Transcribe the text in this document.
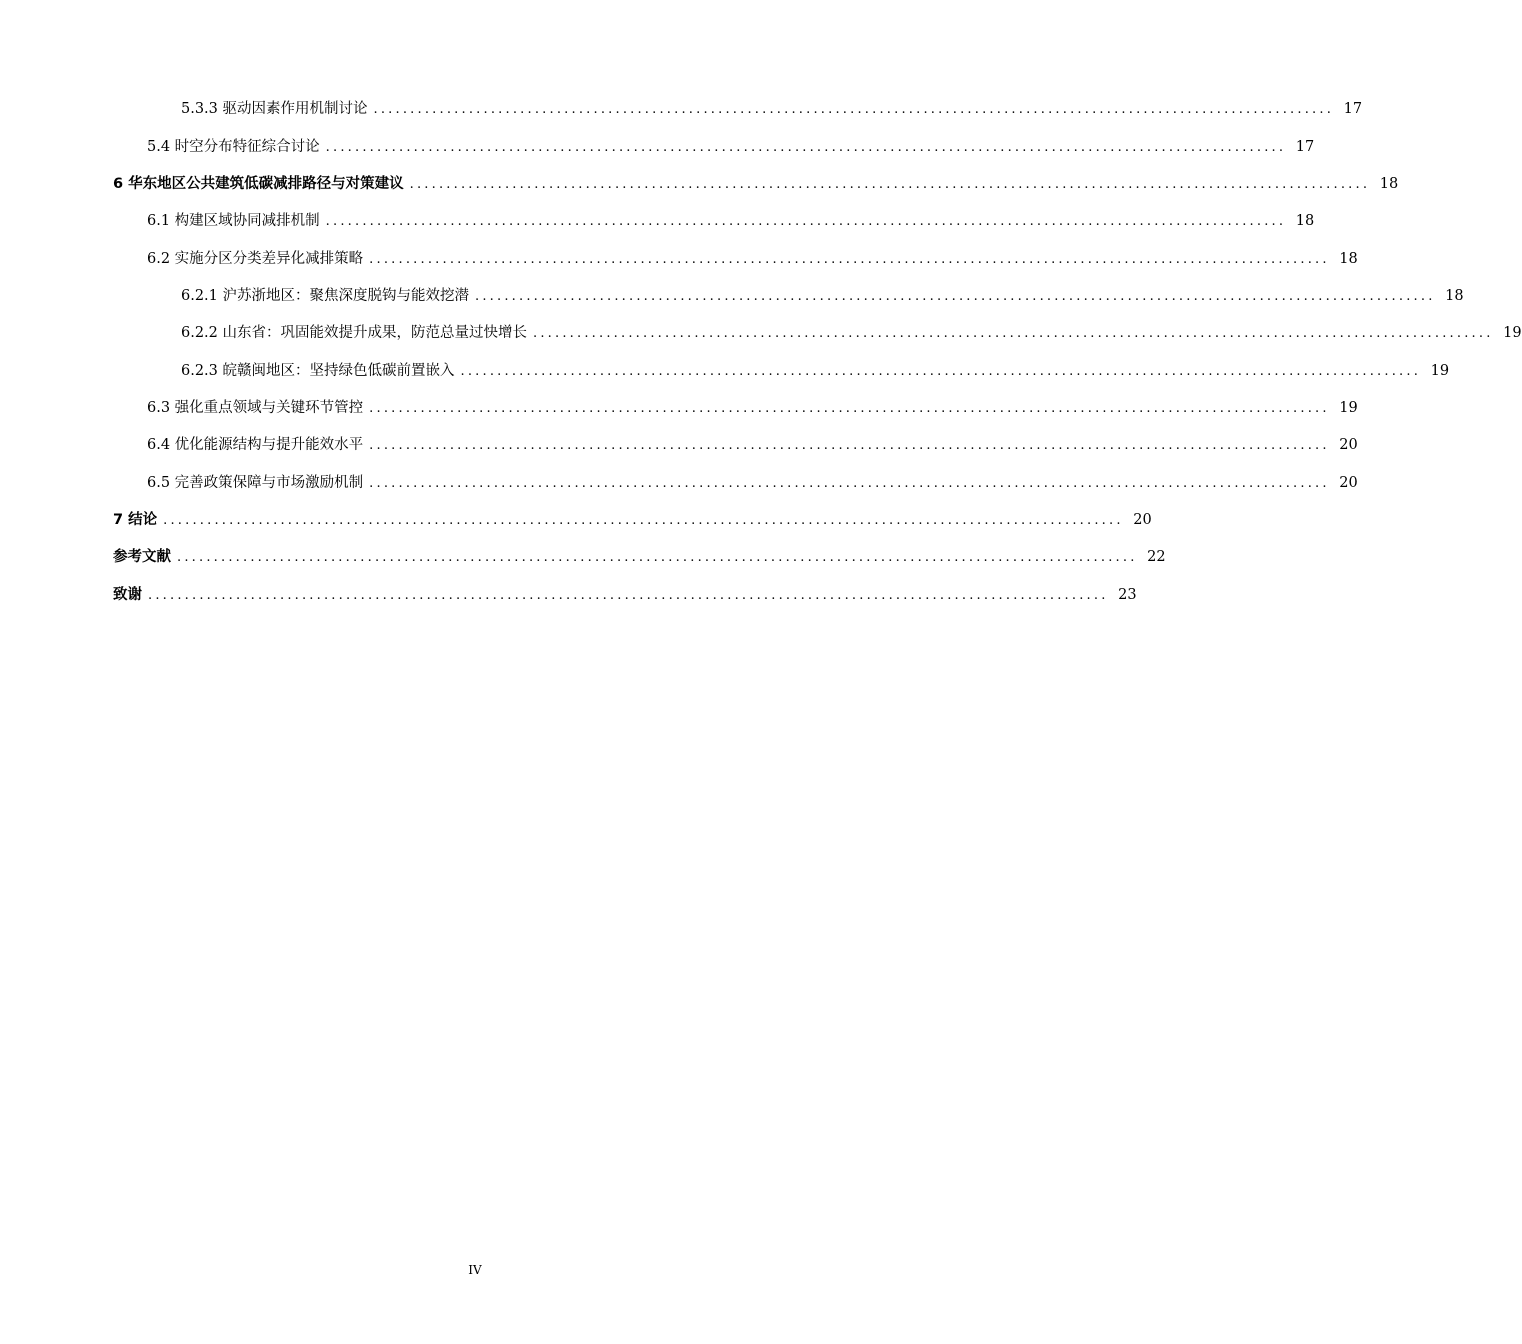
5.3.3 驱动因素作用机制讨论 ................................................................................................................................... 17
5.4 时空分布特征综合讨论 ................................................................................................................................... 17
6 华东地区公共建筑低碳减排路径与对策建议 ................................................................................................................................... 18
6.1 构建区域协同减排机制 ................................................................................................................................... 18
6.2 实施分区分类差异化减排策略 ................................................................................................................................... 18
6.2.1 沪苏浙地区：聚焦深度脱钩与能效挖潜 ................................................................................................................................... 18
6.2.2 山东省：巩固能效提升成果，防范总量过快增长 ................................................................................................................................... 19
6.2.3 皖赣闽地区：坚持绿色低碳前置嵌入 ................................................................................................................................... 19
6.3 强化重点领域与关键环节管控 ................................................................................................................................... 19
6.4 优化能源结构与提升能效水平 ................................................................................................................................... 20
6.5 完善政策保障与市场激励机制 ................................................................................................................................... 20
7 结论 ................................................................................................................................... 20
参考文献 ................................................................................................................................... 22
致谢 ................................................................................................................................... 23
IV
